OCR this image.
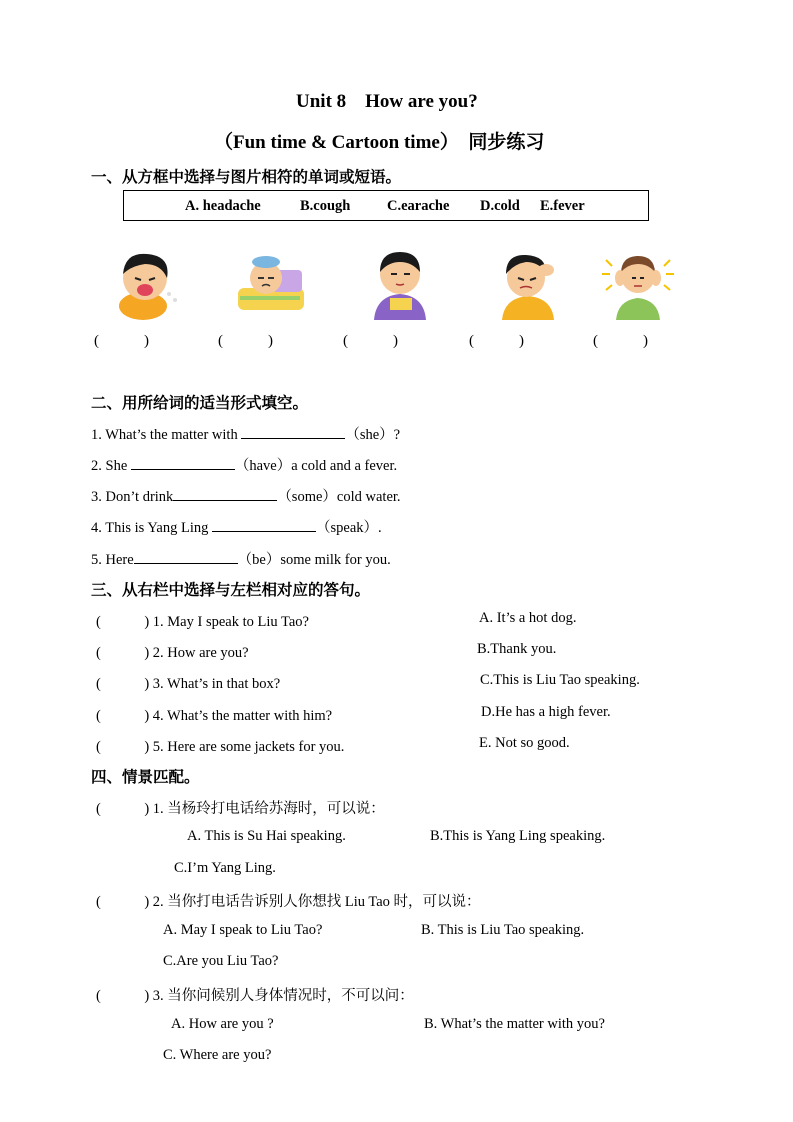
Unit 8　How are you?
（Fun time & Cartoon time）　同步练习
一、从方框中选择与图片相符的单词或短语。
A. headache	B.cough	C.earache D.cold E.fever
(　　　)	(　　　)	(　　　)	(　　　)	(　　　)
二、用所给词的适当形式填空。
1. What’s the matter with	（she）?
2. She	（have）a cold and a fever.
3. Don’t drink	（some）cold water.
4. This is Yang Ling	（speak）.
5. Here	（be）some milk for you.
三、从右栏中选择与左栏相对应的答句。
(　　　) 1. May I speak to Liu Tao?
(　　　) 2. How are you?
(　　　) 3. What’s in that box?
(　　　) 4. What’s the matter with him?
(　　　) 5. Here are some jackets for you.
A. It’s a hot dog.
B.Thank you.
C.This is Liu Tao speaking.
D.He has a high fever.
E. Not so good.
四、情景匹配。
(　　　) 1. 当杨玲打电话给苏海时，可以说：
A. This is Su Hai speaking.	B.This is Yang Ling speaking.
C.I’m Yang Ling.
(　　　) 2. 当你打电话告诉别人你想找 Liu Tao 时，可以说：
A. May I speak to Liu Tao?	B. This is Liu Tao speaking.
C.Are you Liu Tao?
(　　　) 3. 当你问候别人身体情况时，不可以问：
A. How are you ?	B. What’s the matter with you?
C. Where are you?
